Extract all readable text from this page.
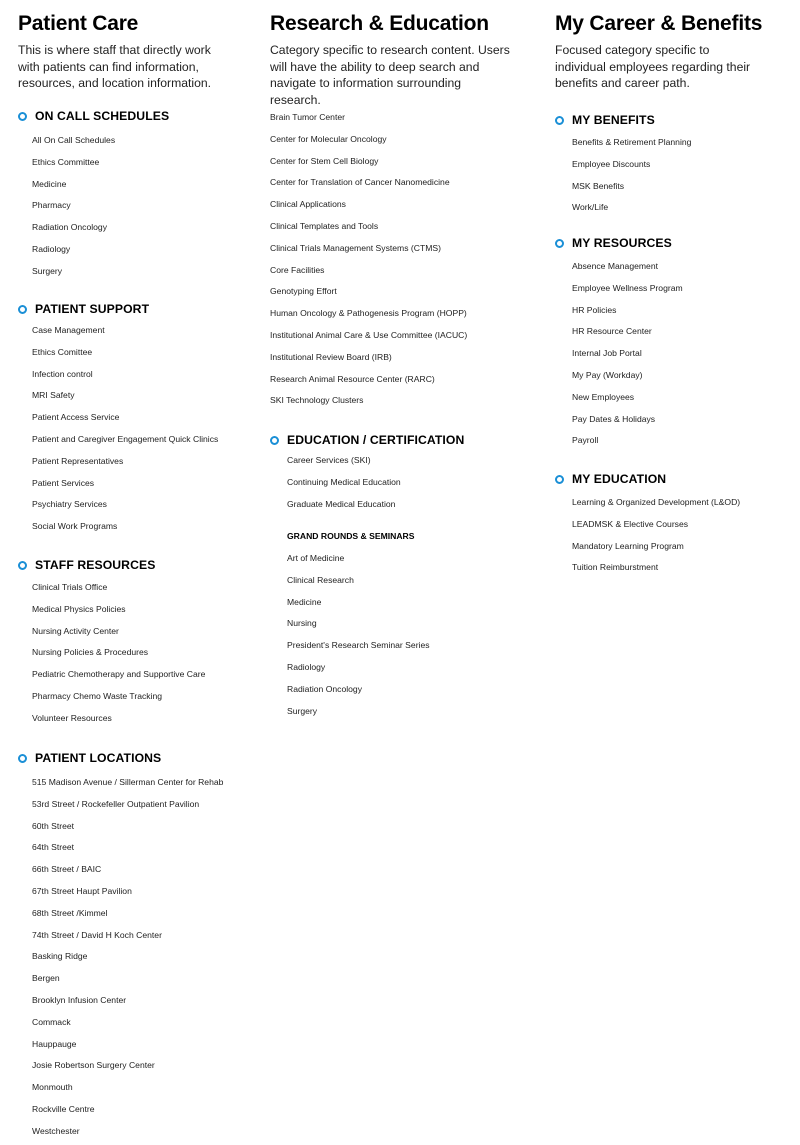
Patient Care

This is where staff that directly work with patients can find information, resources, and location information.

ON CALL SCHEDULES
All On Call Schedules
Ethics Committee
Medicine
Pharmacy
Radiation Oncology
Radiology
Surgery
PATIENT SUPPORT
Case Management
Ethics Comittee
Infection control
MRI Safety
Patient Access Service
Patient and Caregiver Engagement Quick Clinics
Patient Representatives
Patient Services
Psychiatry Services
Social Work Programs
STAFF RESOURCES
Clinical Trials Office
Medical Physics Policies
Nursing Activity Center
Nursing Policies & Procedures
Pediatric Chemotherapy and Supportive Care
Pharmacy Chemo Waste Tracking
Volunteer Resources
PATIENT LOCATIONS
515 Madison Avenue / Sillerman Center for Rehab
53rd Street / Rockefeller Outpatient Pavilion
60th Street
64th Street
66th Street / BAIC
67th Street Haupt Pavilion
68th Street /Kimmel
74th Street / David H Koch Center
Basking Ridge
Bergen
Brooklyn Infusion Center
Commack
Hauppauge
Josie Robertson Surgery Center
Monmouth
Rockville Centre
Westchester
Research & Education

Category specific to research content. Users will have the ability to deep search and navigate to information surrounding research.

Brain Tumor Center
Center for Molecular Oncology
Center for Stem Cell Biology
Center for Translation of Cancer Nanomedicine
Clinical Applications
Clinical Templates and Tools
Clinical Trials Management Systems (CTMS)
Core Facilities
Genotyping Effort
Human Oncology & Pathogenesis Program (HOPP)
Institutional Animal Care & Use Committee (IACUC)
Institutional Review Board (IRB)
Research Animal Resource Center (RARC)
SKI Technology Clusters
EDUCATION / CERTIFICATION
Career Services (SKI)
Continuing Medical Education
Graduate Medical Education
GRAND ROUNDS & SEMINARS
Art of Medicine
Clinical Research
Medicine
Nursing
President's Research Seminar Series
Radiology
Radiation Oncology
Surgery
My Career & Benefits

Focused category specific to individual employees regarding their benefits and career path.

MY BENEFITS
Benefits & Retirement Planning
Employee Discounts
MSK Benefits
Work/Life
MY RESOURCES
Absence Management
Employee Wellness Program
HR Policies
HR Resource Center
Internal Job Portal
My Pay (Workday)
New Employees
Pay Dates & Holidays
Payroll
MY EDUCATION
Learning & Organized Development (L&OD)
LEADMSK & Elective Courses
Mandatory Learning Program
Tuition Reimburstment
